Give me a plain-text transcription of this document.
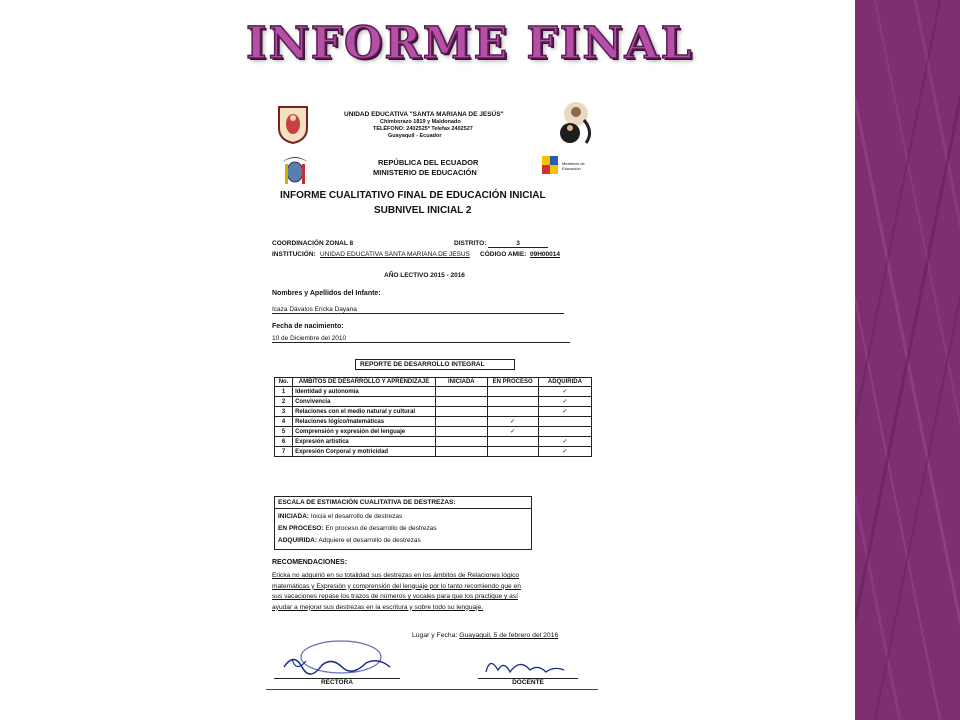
INFORME FINAL
UNIDAD EDUCATIVA "SANTA MARIANA DE JESÚS"
Chimborazo 1819 y Maldonado
TELÉFONO: 2402525* Telefax 2402527
Guayaquil - Ecuador
REPÚBLICA DEL ECUADOR
MINISTERIO DE EDUCACIÓN
Ministerio de Educación
INFORME CUALITATIVO FINAL DE EDUCACIÓN INICIAL
SUBNIVEL INICIAL 2
COORDINACIÓN ZONAL 8	DISTRITO:	3
INSTITUCIÓN: UNIDAD EDUCATIVA SANTA MARIANA DE JESUS CÓDIGO AMIE: 09H00014
AÑO LECTIVO 2015 - 2016
Nombres y Apellidos del Infante:
Icaza Dávalos Ericka Dayana
Fecha de nacimiento:
10 de Diciembre del 2010
REPORTE DE DESARROLLO INTEGRAL
No.	ÁMBITOS DE DESARROLLO Y APRENDIZAJE	INICIADA	EN PROCESO	ADQUIRIDA
1	Identidad y autonomía			✓
2	Convivencia			✓
3	Relaciones con el medio natural y cultural			✓
4	Relaciones lógico/matemáticas		✓	
5	Comprensión y expresión del lenguaje		✓	
6	Expresión artística			✓
7	Expresión Corporal y motricidad			✓
ESCALA DE ESTIMACIÓN CUALITATIVA DE DESTREZAS:
INICIADA: Inicia el desarrollo de destrezas
EN PROCESO: En proceso de desarrollo de destrezas
ADQUIRIDA: Adquiere el desarrollo de destrezas
RECOMENDACIONES:
Ericka no adquirió en su totalidad sus destrezas en los ámbitos de Relaciones lógico
matemáticas y Expresión y comprensión del lenguaje por lo tanto recomiendo que en
sus vacaciones repase los trazos de números y vocales para que los practique y así
ayudar a mejorar sus destrezas en la escritura y sobre todo su lenguaje.
Lugar y Fecha: Guayaquil, 5 de febrero del 2016
RECTORA	DOCENTE
